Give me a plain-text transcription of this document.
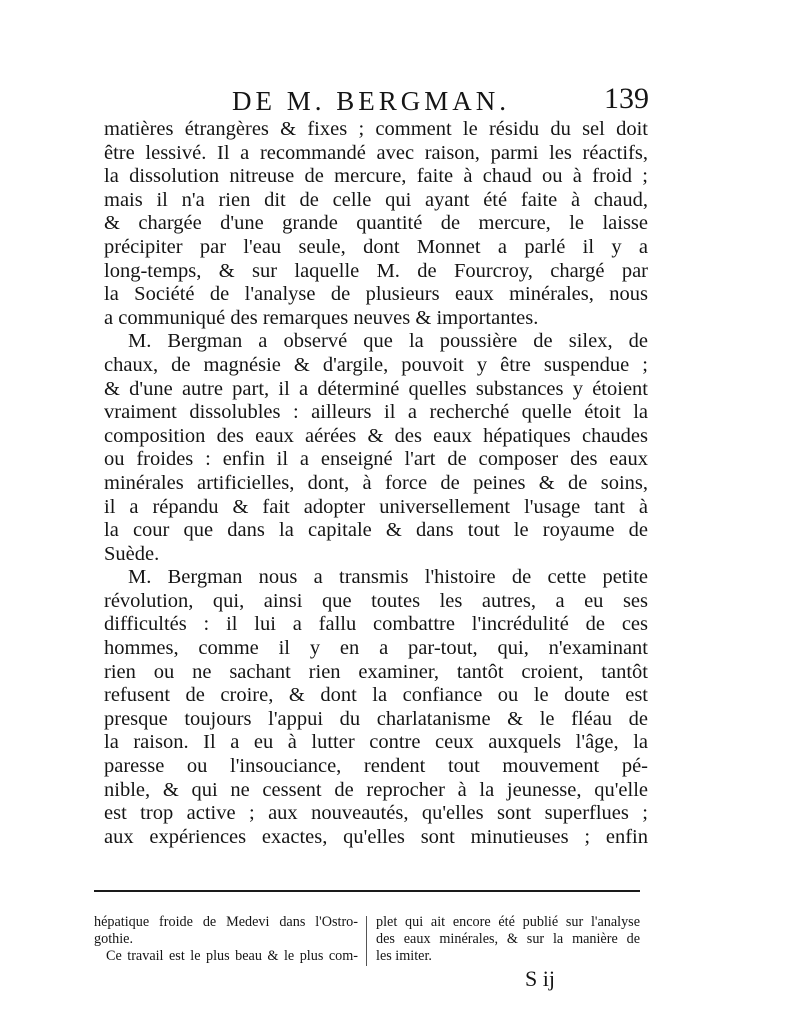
DE M. BERGMAN.	139
matières étrangères & fixes ; comment le résidu du sel doit
être lessivé. Il a recommandé avec raison, parmi les réactifs,
la dissolution nitreuse de mercure, faite à chaud ou à froid ;
mais il n'a rien dit de celle qui ayant été faite à chaud,
& chargée d'une grande quantité de mercure, le laisse
précipiter par l'eau seule, dont Monnet a parlé il y a
long-temps, & sur laquelle M. de Fourcroy, chargé par
la Société de l'analyse de plusieurs eaux minérales, nous
a communiqué des remarques neuves & importantes.
M. Bergman a observé que la poussière de silex, de
chaux, de magnésie & d'argile, pouvoit y être suspendue ;
& d'une autre part, il a déterminé quelles substances y étoient
vraiment dissolubles : ailleurs il a recherché quelle étoit la
composition des eaux aérées & des eaux hépatiques chaudes
ou froides : enfin il a enseigné l'art de composer des eaux
minérales artificielles, dont, à force de peines & de soins,
il a répandu & fait adopter universellement l'usage tant à
la cour que dans la capitale & dans tout le royaume de
Suède.
M. Bergman nous a transmis l'histoire de cette petite
révolution, qui, ainsi que toutes les autres, a eu ses
difficultés : il lui a fallu combattre l'incrédulité de ces
hommes, comme il y en a par-tout, qui, n'examinant
rien ou ne sachant rien examiner, tantôt croient, tantôt
refusent de croire, & dont la confiance ou le doute est
presque toujours l'appui du charlatanisme & le fléau de
la raison. Il a eu à lutter contre ceux auxquels l'âge, la
paresse ou l'insouciance, rendent tout mouvement pé-
nible, & qui ne cessent de reprocher à la jeunesse, qu'elle
est trop active ; aux nouveautés, qu'elles sont superflues ;
aux expériences exactes, qu'elles sont minutieuses ; enfin
hépatique froide de Medevi dans l'Ostro-
gothie.
Ce travail est le plus beau & le plus com-
plet qui ait encore été publié sur l'analyse
des eaux minérales, & sur la manière de
les imiter.
S ij
